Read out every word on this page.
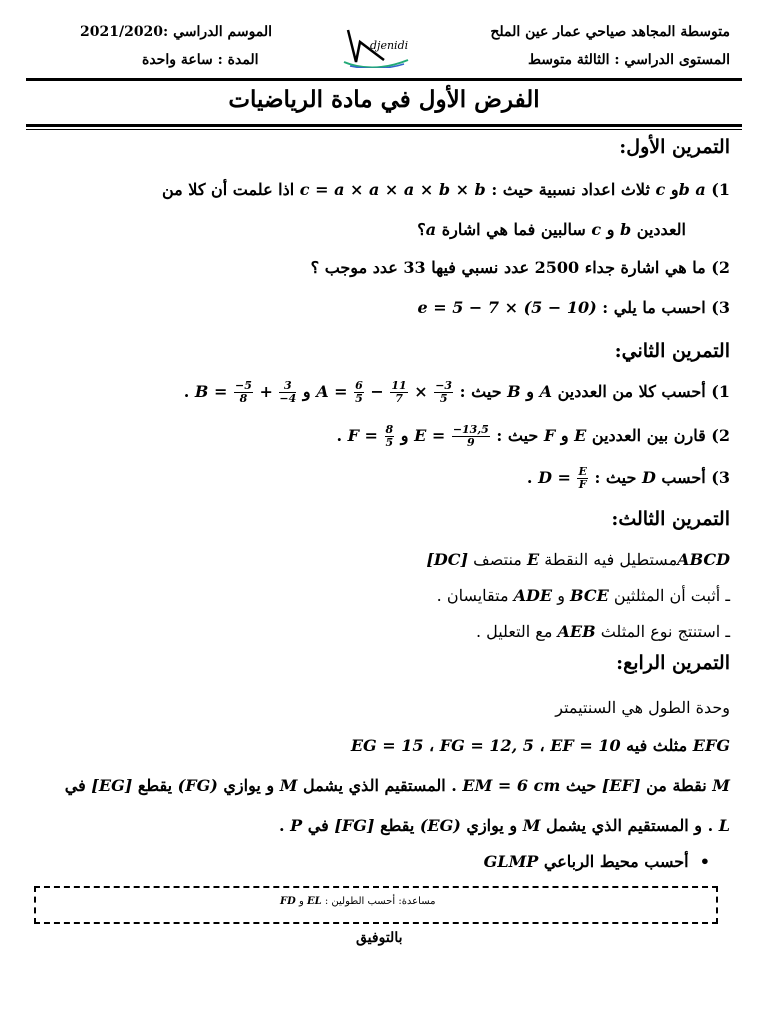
متوسطة المجاهد صياحي عمار عين الملح
المستوى الدراسي : الثالثة متوسط
الموسم الدراسي :2021/2020
المدة : ساعة واحدة
djenidi
الفرض الأول في مادة الرياضيات
التمرين الأول:
1) a bو c ثلاث اعداد نسبية حيث : c = a × a × a × b × b اذا علمت أن كلا من
العددين b و c سالبين فما هي اشارة a؟
2) ما هي اشارة جداء 2500 عدد نسبي فيها 33 عدد موجب ؟
3) احسب ما يلي : e = 5 − 7 × (5 − 10)
التمرين الثاني:
1) أحسب كلا من العددين A و B حيث : $A = \frac{6}{5} - \frac{11}{7} \times \frac{-3}{5}$
و $B = \frac{-5}{8} + \frac{3}{-4}$
.
2) قارن بين العددين E و F حيث : $E = \frac{-13,5}{9}$
و $F = \frac{8}{5}$
.
3) أحسب D حيث : $D = \frac{E}{F}$
.
التمرين الثالث:
ABCDمستطيل فيه النقطة E منتصف [DC]
ـ أثبت أن المثلثين BCE و ADE متقايسان .
ـ استنتج نوع المثلث AEB مع التعليل .
التمرين الرابع:
وحدة الطول هي السنتيمتر
EFG مثلث فيه EF = 10 ، FG = 12, 5 ، EG = 15
M نقطة من [EF] حيث EM = 6 cm . المستقيم الذي يشمل M و يوازي (FG) يقطع [EG] في
L . و المستقيم الذي يشمل M و يوازي (EG) يقطع [FG] في P .
•  أحسب محيط الرباعي GLMP
مساعدة: أحسب الطولين : EL و FD
بالتوفيق
